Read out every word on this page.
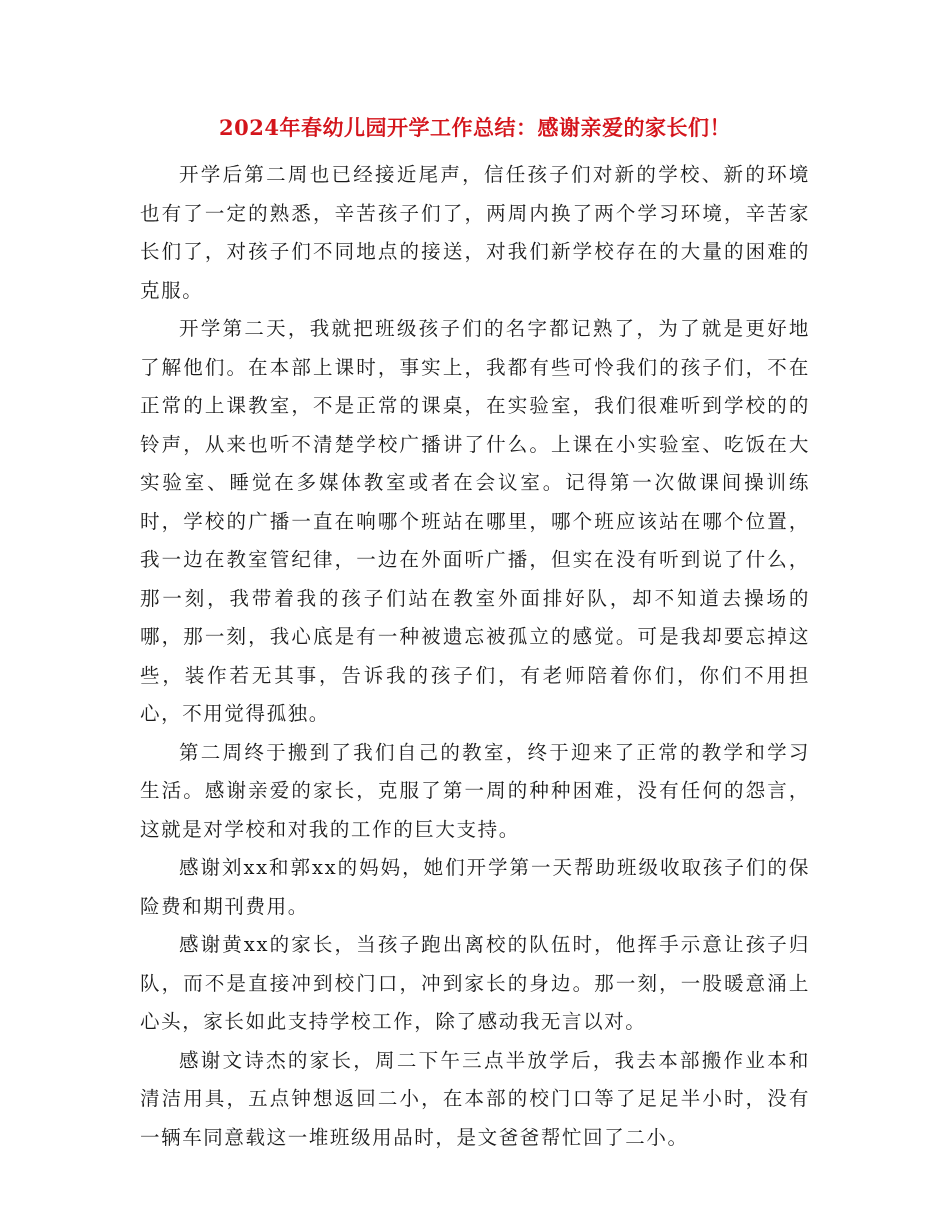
2024年春幼儿园开学工作总结：感谢亲爱的家长们！

开学后第二周也已经接近尾声，信任孩子们对新的学校、新的环境也有了一定的熟悉，辛苦孩子们了，两周内换了两个学习环境，辛苦家长们了，对孩子们不同地点的接送，对我们新学校存在的大量的困难的克服。

开学第二天，我就把班级孩子们的名字都记熟了，为了就是更好地了解他们。在本部上课时，事实上，我都有些可怜我们的孩子们，不在正常的上课教室，不是正常的课桌，在实验室，我们很难听到学校的的铃声，从来也听不清楚学校广播讲了什么。上课在小实验室、吃饭在大实验室、睡觉在多媒体教室或者在会议室。记得第一次做课间操训练时，学校的广播一直在响哪个班站在哪里，哪个班应该站在哪个位置，我一边在教室管纪律，一边在外面听广播，但实在没有听到说了什么，那一刻，我带着我的孩子们站在教室外面排好队，却不知道去操场的哪，那一刻，我心底是有一种被遗忘被孤立的感觉。可是我却要忘掉这些，装作若无其事，告诉我的孩子们，有老师陪着你们，你们不用担心，不用觉得孤独。

第二周终于搬到了我们自己的教室，终于迎来了正常的教学和学习生活。感谢亲爱的家长，克服了第一周的种种困难，没有任何的怨言，这就是对学校和对我的工作的巨大支持。

感谢刘xx和郭xx的妈妈，她们开学第一天帮助班级收取孩子们的保险费和期刊费用。

感谢黄xx的家长，当孩子跑出离校的队伍时，他挥手示意让孩子归队，而不是直接冲到校门口，冲到家长的身边。那一刻，一股暖意涌上心头，家长如此支持学校工作，除了感动我无言以对。

感谢文诗杰的家长，周二下午三点半放学后，我去本部搬作业本和清洁用具，五点钟想返回二小，在本部的校门口等了足足半小时，没有一辆车同意载这一堆班级用品时，是文爸爸帮忙回了二小。
